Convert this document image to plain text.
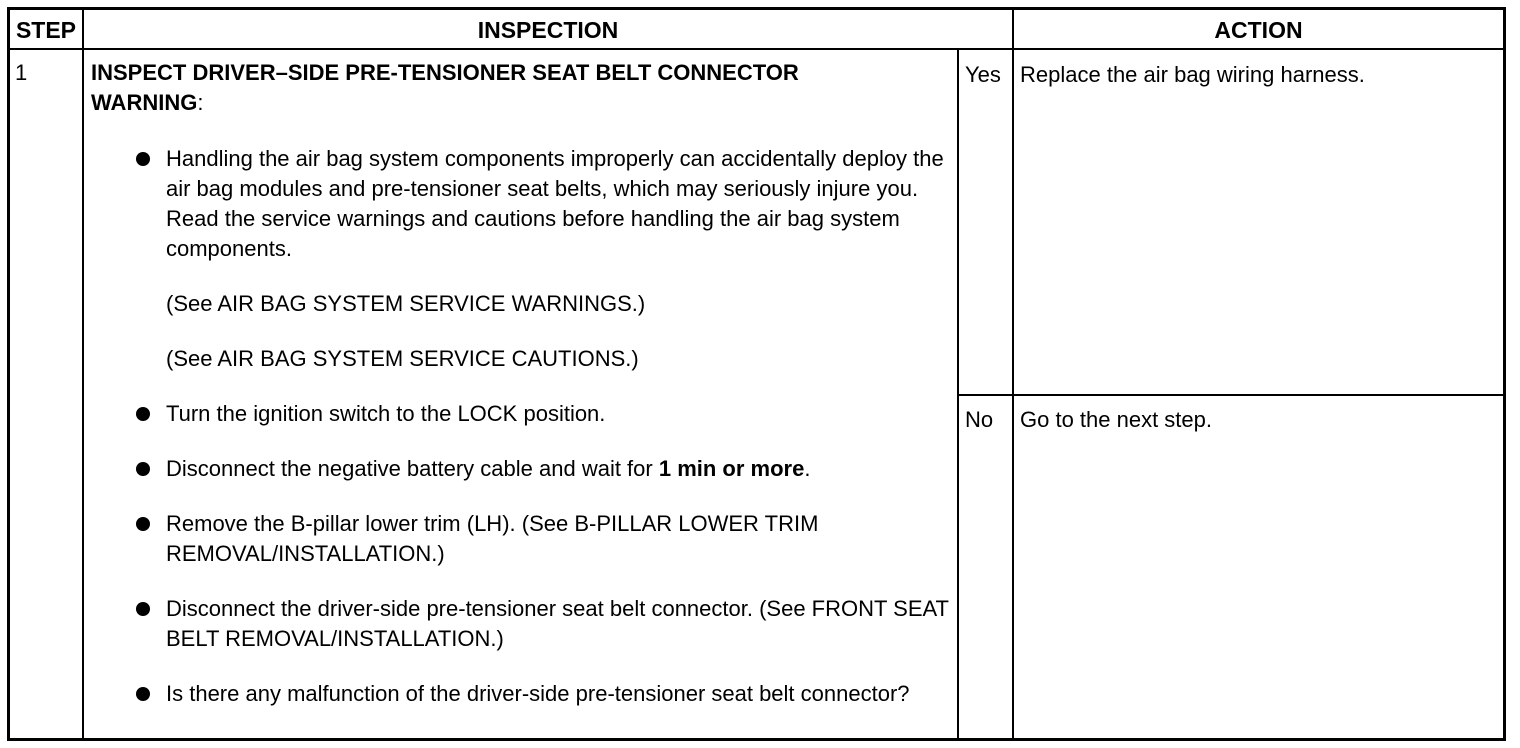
STEP	INSPECTION	ACTION
1	INSPECT DRIVER–SIDE PRE-TENSIONER SEAT BELT CONNECTOR
WARNING:
Handling the air bag system components improperly can accidentally deploy the air bag modules and pre-tensioner seat belts, which may seriously injure you. Read the service warnings and cautions before handling the air bag system components.
(See AIR BAG SYSTEM SERVICE WARNINGS.)
(See AIR BAG SYSTEM SERVICE CAUTIONS.)
Turn the ignition switch to the LOCK position.
Disconnect the negative battery cable and wait for 1 min or more.
Remove the B-pillar lower trim (LH). (See B-PILLAR LOWER TRIM REMOVAL/INSTALLATION.)
Disconnect the driver-side pre-tensioner seat belt connector. (See FRONT SEAT BELT REMOVAL/INSTALLATION.)
Is there any malfunction of the driver-side pre-tensioner seat belt connector?
Yes Replace the air bag wiring harness.
No Go to the next step.
